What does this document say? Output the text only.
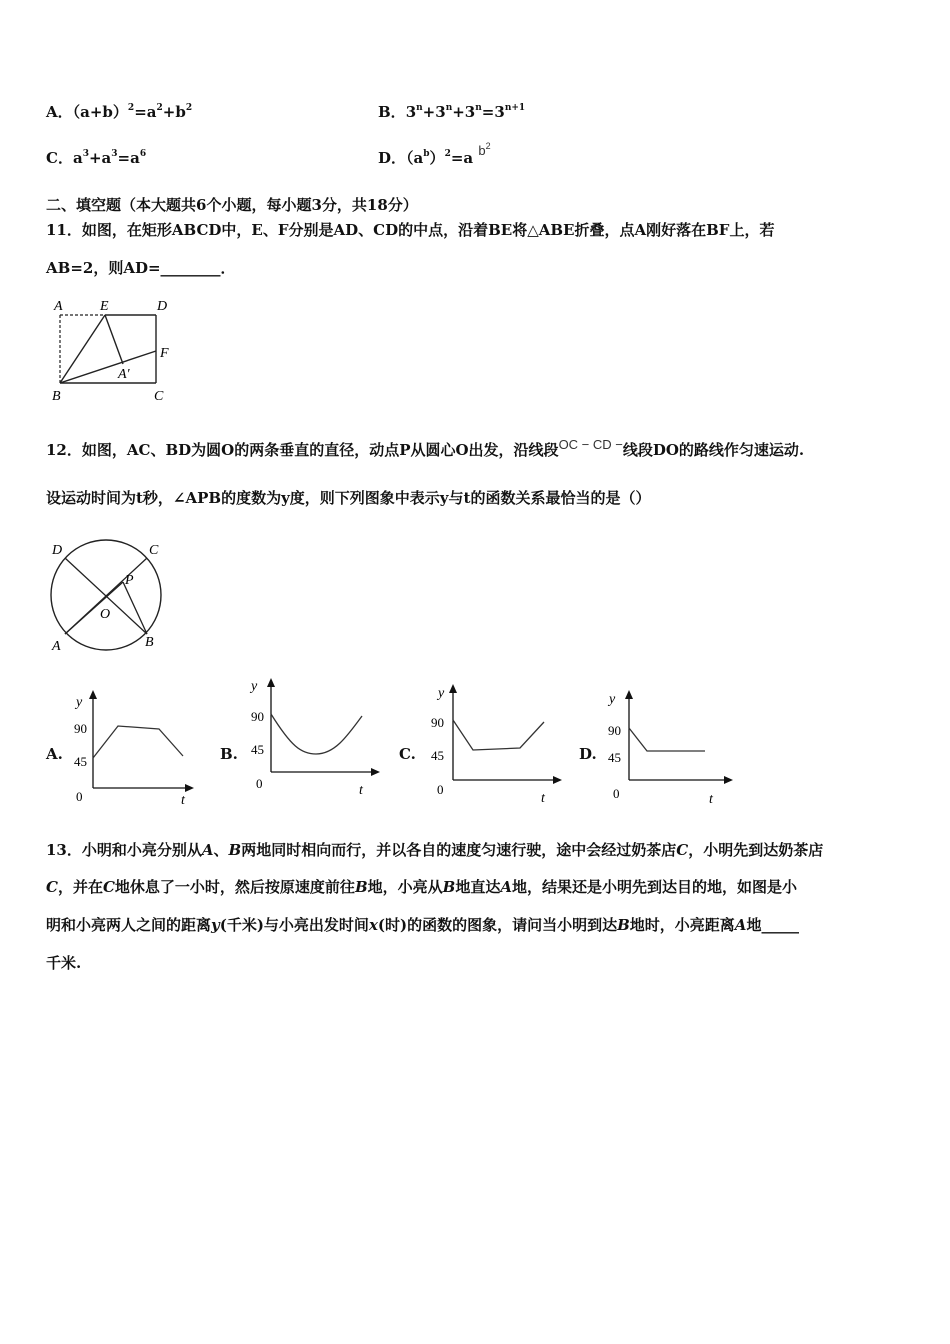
A．$(a+b)^2=a^2+b^2$	B．$3^n+3^n+3^n=3^{n+1}$
C．$a^3+a^3=a^6$	D．$(a^b)^2=a$ $b^2$
二、填空题（本大题共6个小题，每小题3分，共18分）
11．如图，在矩形ABCD中，E、F分别是AD、CD的中点，沿着BE将△ABE折叠，点A刚好落在BF上，若
AB=2，则AD=________．
A	E	D
F
A′
B	C
12．如图，AC、BD为圆O的两条垂直的直径，动点P从圆心O出发，沿线段OC − CD −线段DO的路线作匀速运动.
设运动时间为t秒，∠APB的度数为y度，则下列图象中表示y与t的函数关系最恰当的是（）
D	C
P
O
A	B
A.
y
90
45
0	t
B.
y
90
45
0	t
C.
y
90
45
0
t
D.
y
90
45
0	t
13．小明和小亮分别从A、B两地同时相向而行，并以各自的速度匀速行驶，途中会经过奶茶店C，小明先到达奶茶店
C，并在C地休息了一小时，然后按原速度前往B地，小亮从B地直达A地，结果还是小明先到达目的地，如图是小
明和小亮两人之间的距离y(千米)与小亮出发时间x(时)的函数的图象，请问当小明到达B地时，小亮距离A地_____
千米.
